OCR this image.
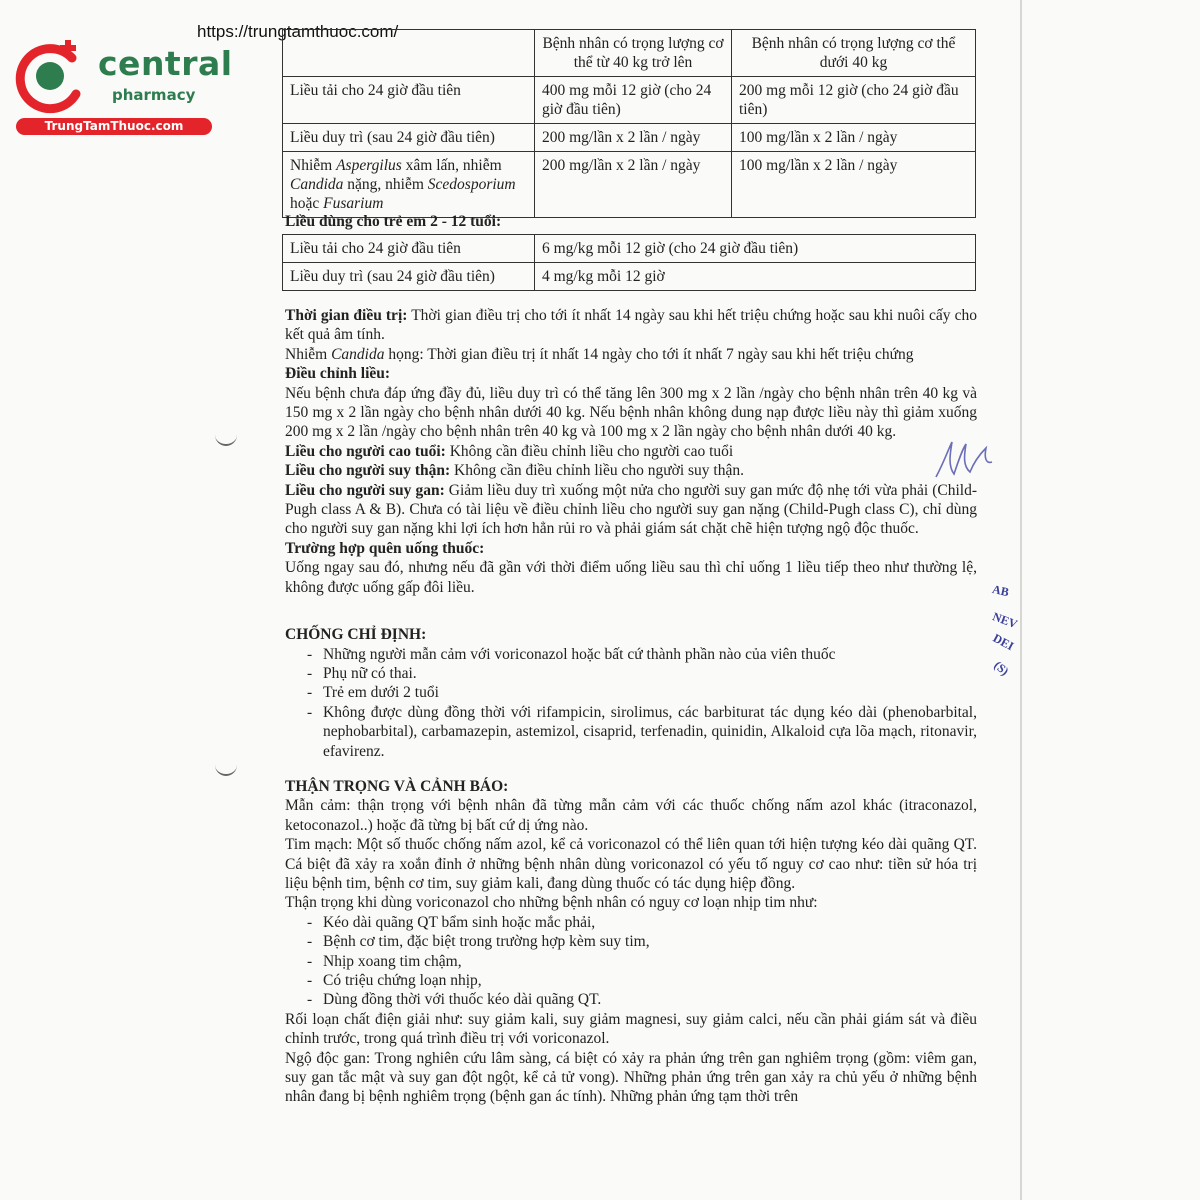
https://trungtamthuoc.com/
central
pharmacy
TrungTamThuoc.com
	Bệnh nhân có trọng lượng cơ thể từ 40 kg trở lên	Bệnh nhân có trọng lượng cơ thể dưới 40 kg
Liều tải cho 24 giờ đầu tiên	400 mg mỗi 12 giờ (cho 24 giờ đầu tiên)	200 mg mỗi 12 giờ (cho 24 giờ đầu tiên)
Liều duy trì (sau 24 giờ đầu tiên)	200 mg/lần x 2 lần / ngày	100 mg/lần x 2 lần / ngày
Nhiễm Aspergilus xâm lấn, nhiễm Candida nặng, nhiễm Scedosporium hoặc Fusarium	200 mg/lần x 2 lần / ngày	100 mg/lần x 2 lần / ngày
Liều dùng cho trẻ em 2 - 12 tuổi:
Liều tải cho 24 giờ đầu tiên	6 mg/kg mỗi 12 giờ (cho 24 giờ đầu tiên)
Liều duy trì (sau 24 giờ đầu tiên)	4 mg/kg mỗi 12 giờ

Thời gian điều trị: Thời gian điều trị cho tới ít nhất 14 ngày sau khi hết triệu chứng hoặc sau khi nuôi cấy cho kết quả âm tính.

Nhiễm Candida họng: Thời gian điều trị ít nhất 14 ngày cho tới ít nhất 7 ngày sau khi hết triệu chứng

Điều chỉnh liều:

Nếu bệnh chưa đáp ứng đầy đủ, liều duy trì có thể tăng lên 300 mg x 2 lần /ngày cho bệnh nhân trên 40 kg và 150 mg x 2 lần ngày cho bệnh nhân dưới 40 kg. Nếu bệnh nhân không dung nạp được liều này thì giảm xuống 200 mg x 2 lần /ngày cho bệnh nhân trên 40 kg và 100 mg x 2 lần ngày cho bệnh nhân dưới 40 kg.

Liều cho người cao tuổi: Không cần điều chỉnh liều cho người cao tuổi

Liều cho người suy thận: Không cần điều chỉnh liều cho người suy thận.

Liều cho người suy gan: Giảm liều duy trì xuống một nửa cho người suy gan mức độ nhẹ tới vừa phải (Child-Pugh class A & B). Chưa có tài liệu về điều chỉnh liều cho người suy gan nặng (Child-Pugh class C), chỉ dùng cho người suy gan nặng khi lợi ích hơn hẳn rủi ro và phải giám sát chặt chẽ hiện tượng ngộ độc thuốc.

Trường hợp quên uống thuốc:

Uống ngay sau đó, nhưng nếu đã gần với thời điểm uống liều sau thì chỉ uống 1 liều tiếp theo như thường lệ, không được uống gấp đôi liều.

CHỐNG CHỈ ĐỊNH:

- Những người mẫn cảm với voriconazol hoặc bất cứ thành phần nào của viên thuốc
- Phụ nữ có thai.
- Trẻ em dưới 2 tuổi
- Không được dùng đồng thời với rifampicin, sirolimus, các barbiturat tác dụng kéo dài (phenobarbital, nephobarbital), carbamazepin, astemizol, cisaprid, terfenadin, quinidin, Alkaloid cựa lõa mạch, ritonavir, efavirenz.

THẬN TRỌNG VÀ CẢNH BÁO:

Mẫn cảm: thận trọng với bệnh nhân đã từng mẫn cảm với các thuốc chống nấm azol khác (itraconazol, ketoconazol..) hoặc đã từng bị bất cứ dị ứng nào.

Tim mạch: Một số thuốc chống nấm azol, kể cả voriconazol có thể liên quan tới hiện tượng kéo dài quãng QT. Cá biệt đã xảy ra xoắn đỉnh ở những bệnh nhân dùng voriconazol có yếu tố nguy cơ cao như: tiền sử hóa trị liệu bệnh tim, bệnh cơ tim, suy giảm kali, đang dùng thuốc có tác dụng hiệp đồng.

Thận trọng khi dùng voriconazol cho những bệnh nhân có nguy cơ loạn nhịp tim như:

- Kéo dài quãng QT bẩm sinh hoặc mắc phải,
- Bệnh cơ tim, đặc biệt trong trường hợp kèm suy tim,
- Nhịp xoang tim chậm,
- Có triệu chứng loạn nhịp,
- Dùng đồng thời với thuốc kéo dài quãng QT.

Rối loạn chất điện giải như: suy giảm kali, suy giảm magnesi, suy giảm calci, nếu cần phải giám sát và điều chỉnh trước, trong quá trình điều trị với voriconazol.

Ngộ độc gan: Trong nghiên cứu lâm sàng, cá biệt có xảy ra phản ứng trên gan nghiêm trọng (gồm: viêm gan, suy gan tắc mật và suy gan đột ngột, kể cả tử vong). Những phản ứng trên gan xảy ra chủ yếu ở những bệnh nhân đang bị bệnh nghiêm trọng (bệnh gan ác tính). Những phản ứng tạm thời trên

AB
NEV
DEI
(S)
